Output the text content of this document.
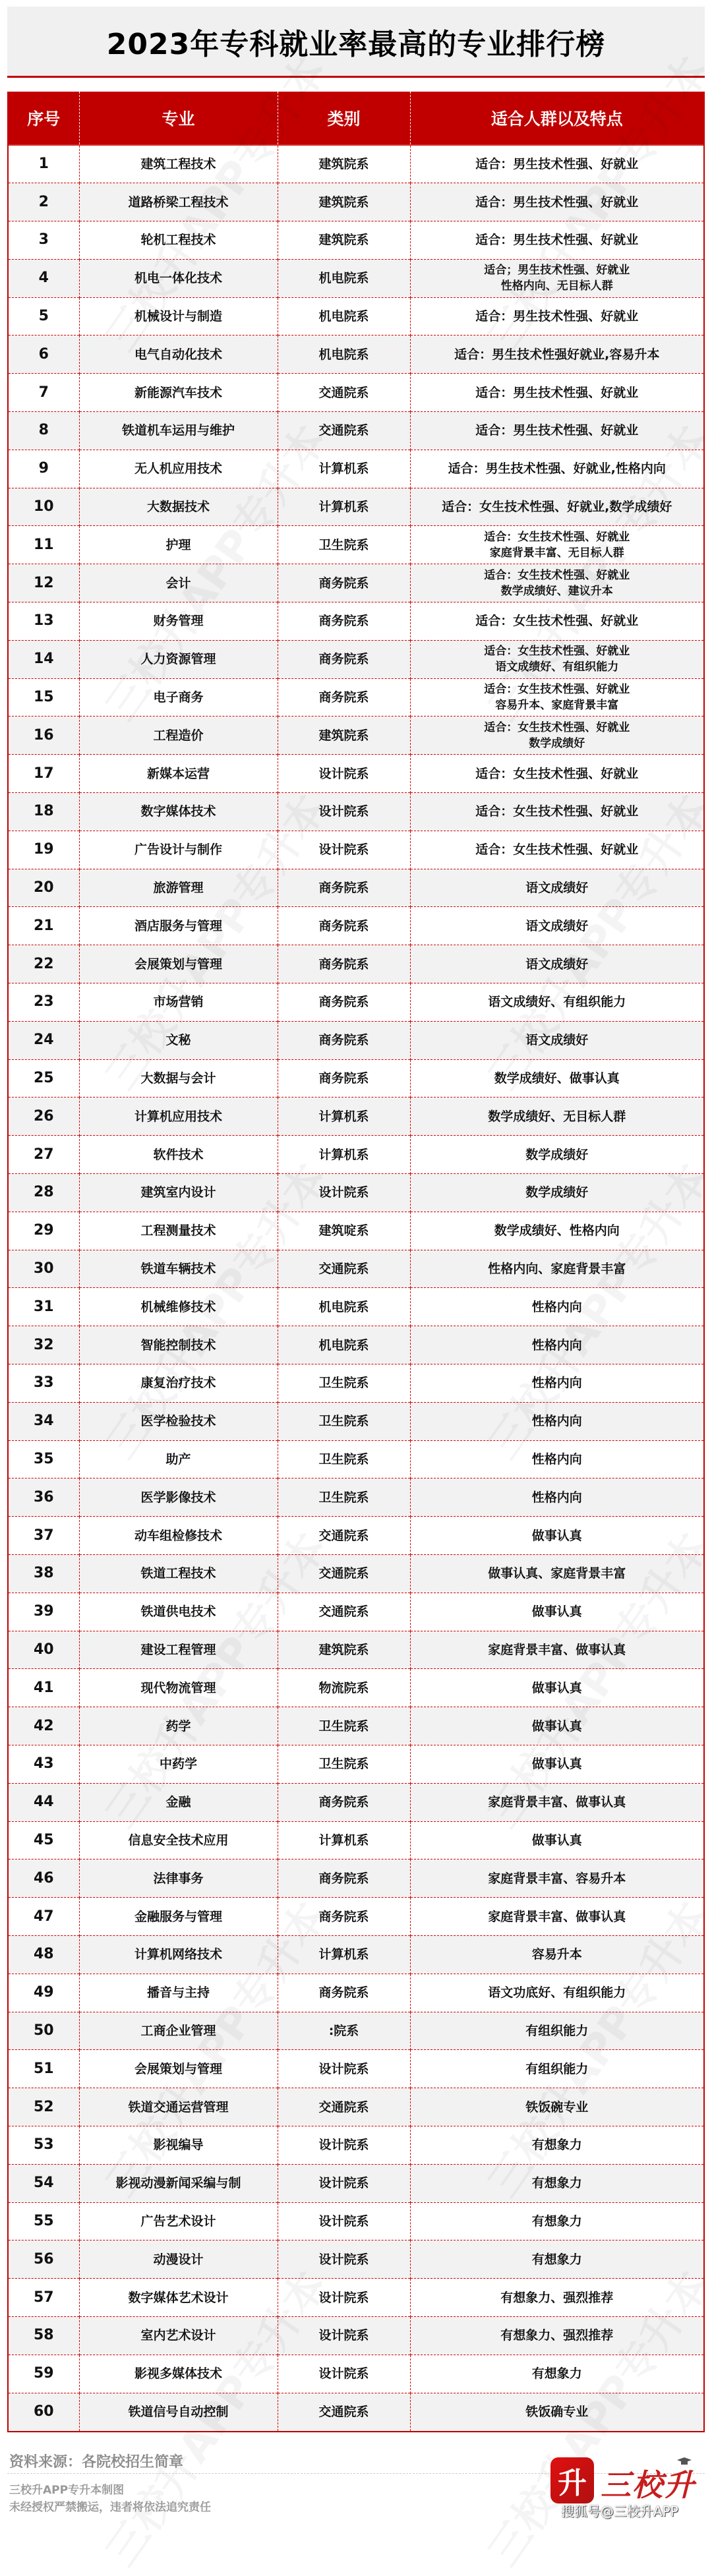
2023年专科就业率最高的专业排行榜
序号	专业	类别	适合人群以及特点
1	建筑工程技术	建筑院系	适合：男生技术性强、好就业

2	道路桥梁工程技术	建筑院系	适合：男生技术性强、好就业

3	轮机工程技术	建筑院系	适合：男生技术性强、好就业

4	机电一体化技术	机电院系	适合；男生技术性强、好就业
性格内向、无目标人群

5	机械设计与制造	机电院系	适合：男生技术性强、好就业

6	电气自动化技术	机电院系	适合：男生技术性强好就业,容易升本

7	新能源汽车技术	交通院系	适合：男生技术性强、好就业

8	铁道机车运用与维护	交通院系	适合：男生技术性强、好就业

9	无人机应用技术	计算机系	适合：男生技术性强、好就业,性格内向

10	大数据技术	计算机系	适合：女生技术性强、好就业,数学成绩好

11	护理	卫生院系	适合：女生技术性强、好就业
家庭背景丰富、无目标人群

12	会计	商务院系	适合：女生技术性强、好就业
数学成绩好、建议升本

13	财务管理	商务院系	适合：女生技术性强、好就业

14	人力资源管理	商务院系	适合：女生技术性强、好就业
语文成绩好、有组织能力

15	电子商务	商务院系	适合：女生技术性强、好就业
容易升本、家庭背景丰富

16	工程造价	建筑院系	适合：女生技术性强、好就业
数学成绩好

17	新媒本运营	设计院系	适合：女生技术性强、好就业

18	数字媒体技术	设计院系	适合：女生技术性强、好就业

19	广告设计与制作	设计院系	适合：女生技术性强、好就业

20	旅游管理	商务院系	语文成绩好

21	酒店服务与管理	商务院系	语文成绩好

22	会展策划与管理	商务院系	语文成绩好

23	市场营销	商务院系	语文成绩好、有组织能力

24	文秘	商务院系	语文成绩好

25	大数据与会计	商务院系	数学成绩好、做事认真

26	计算机应用技术	计算机系	数学成绩好、无目标人群

27	软件技术	计算机系	数学成绩好

28	建筑室内设计	设计院系	数学成绩好

29	工程测量技术	建筑啶系	数学成绩好、性格内向

30	铁道车辆技术	交通院系	性格内向、家庭背景丰富

31	机械维修技术	机电院系	性格内向

32	智能控制技术	机电院系	性格内向

33	康复治疗技术	卫生院系	性格内向

34	医学检验技术	卫生院系	性格内向

35	助产	卫生院系	性格内向

36	医学影像技术	卫生院系	性格内向

37	动车组检修技术	交通院系	做事认真

38	铁道工程技术	交通院系	做事认真、家庭背景丰富

39	铁道供电技术	交通院系	做事认真

40	建设工程管理	建筑院系	家庭背景丰富、做事认真

41	现代物流管理	物流院系	做事认真

42	药学	卫生院系	做事认真

43	中药学	卫生院系	做事认真

44	金融	商务院系	家庭背景丰富、做事认真

45	信息安全技术应用	计算机系	做事认真

46	法律事务	商务院系	家庭背景丰富、容易升本

47	金融服务与管理	商务院系	家庭背景丰富、做事认真

48	计算机网络技术	计算机系	容易升本

49	播音与主持	商务院系	语文功底好、有组织能力

50	工商企业管理	:院系	有组织能力

51	会展策划与管理	设计院系	有组织能力

52	铁道交通运营管理	交通院系	铁饭碗专业

53	影视编导	设计院系	有想象力

54	影视动漫新闻采编与制	设计院系	有想象力

55	广告艺术设计	设计院系	有想象力

56	动漫设计	设计院系	有想象力

57	数字媒体艺术设计	设计院系	有想象力、强烈推荐

58	室内艺术设计	设计院系	有想象力、强烈推荐

59	影视多媒体技术	设计院系	有想象力

60	铁道信号自动控制	交通院系	铁饭确专业
资料来源：各院校招生简章
三校升APP专升本制图
未经授权严禁搬运，违者将依法追究责任
升 三校升
搜狐号@三校升APP
